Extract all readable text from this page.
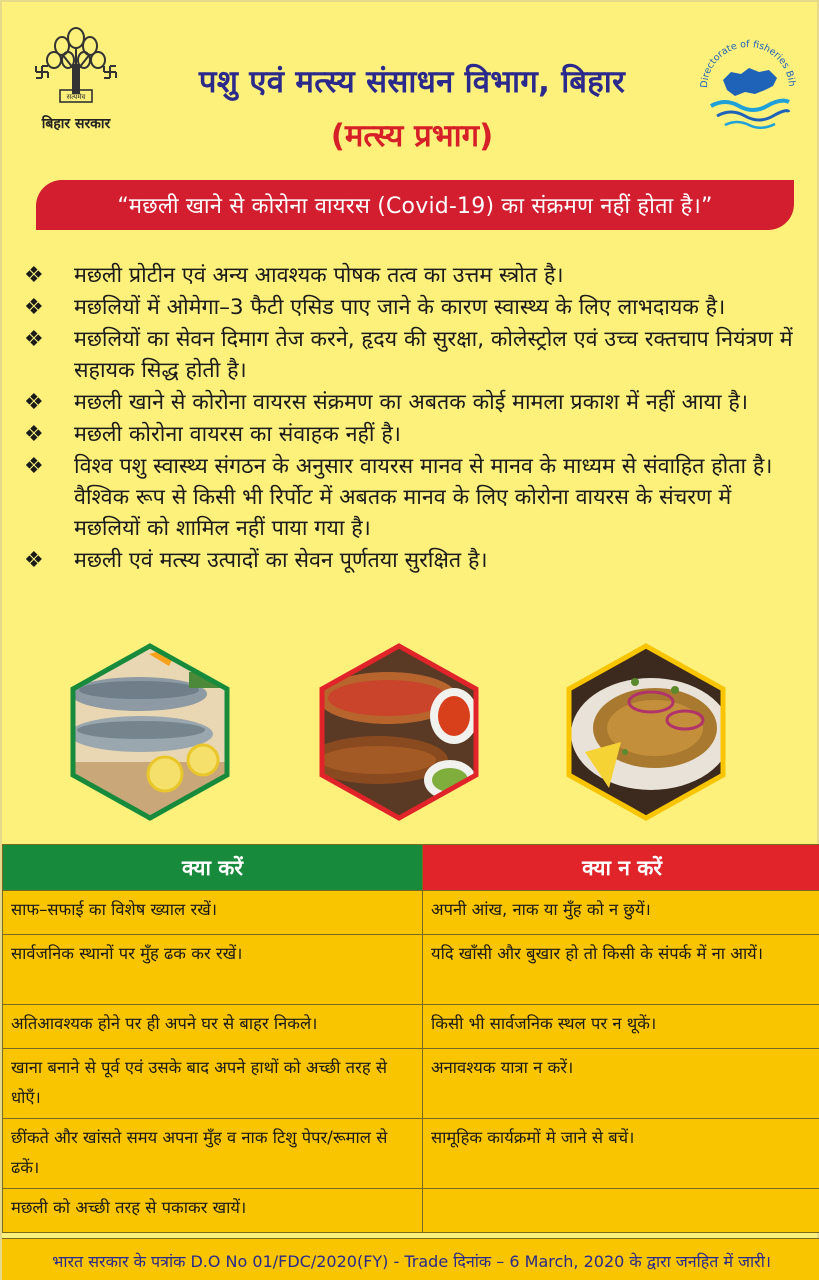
सत्यमेव
बिहार सरकार
पशु एवं मत्स्य संसाधन विभाग, बिहार
(मत्स्य प्रभाग)
Directorate of fisheries Bih
“मछली खाने से कोरोना वायरस (Covid-19) का संक्रमण नहीं होता है।”
❖ मछली प्रोटीन एवं अन्य आवश्यक पोषक तत्व का उत्तम स्त्रोत है।
❖ मछलियों में ओमेगा–3 फैटी एसिड पाए जाने के कारण स्वास्थ्य के लिए लाभदायक है।
❖ मछलियों का सेवन दिमाग तेज करने, हृदय की सुरक्षा, कोलेस्ट्रोल एवं उच्च रक्तचाप नियंत्रण में सहायक सिद्ध होती है।
❖ मछली खाने से कोरोना वायरस संक्रमण का अबतक कोई मामला प्रकाश में नहीं आया है।
❖ मछली कोरोना वायरस का संवाहक नहीं है।
❖ विश्व पशु स्वास्थ्य संगठन के अनुसार वायरस मानव से मानव के माध्यम से संवाहित होता है। वैश्विक रूप से किसी भी रिर्पोट में अबतक मानव के लिए कोरोना वायरस के संचरण में मछलियों को शामिल नहीं पाया गया है।
❖ मछली एवं मत्स्य उत्पादों का सेवन पूर्णतया सुरक्षित है।
क्या करें	क्या न करें
साफ–सफाई का विशेष ख्याल रखें।	अपनी आंख, नाक या मुँह को न छुयें।
सार्वजनिक स्थानों पर मुँह ढक कर रखें।	यदि खाँसी और बुखार हो तो किसी के संपर्क में ना आयें।
अतिआवश्यक होने पर ही अपने घर से बाहर निकले।	किसी भी सार्वजनिक स्थल पर न थूकें।
खाना बनाने से पूर्व एवं उसके बाद अपने हाथों को अच्छी तरह से धोएँ।	अनावश्यक यात्रा न करें।
छींकते और खांसते समय अपना मुँह व नाक टिशु पेपर/रूमाल से ढकें।	सामूहिक कार्यक्रमों मे जाने से बचें।
मछली को अच्छी तरह से पकाकर खायें।	
भारत सरकार के पत्रांक D.O No 01/FDC/2020(FY) - Trade दिनांक – 6 March, 2020 के द्वारा जनहित में जारी।
